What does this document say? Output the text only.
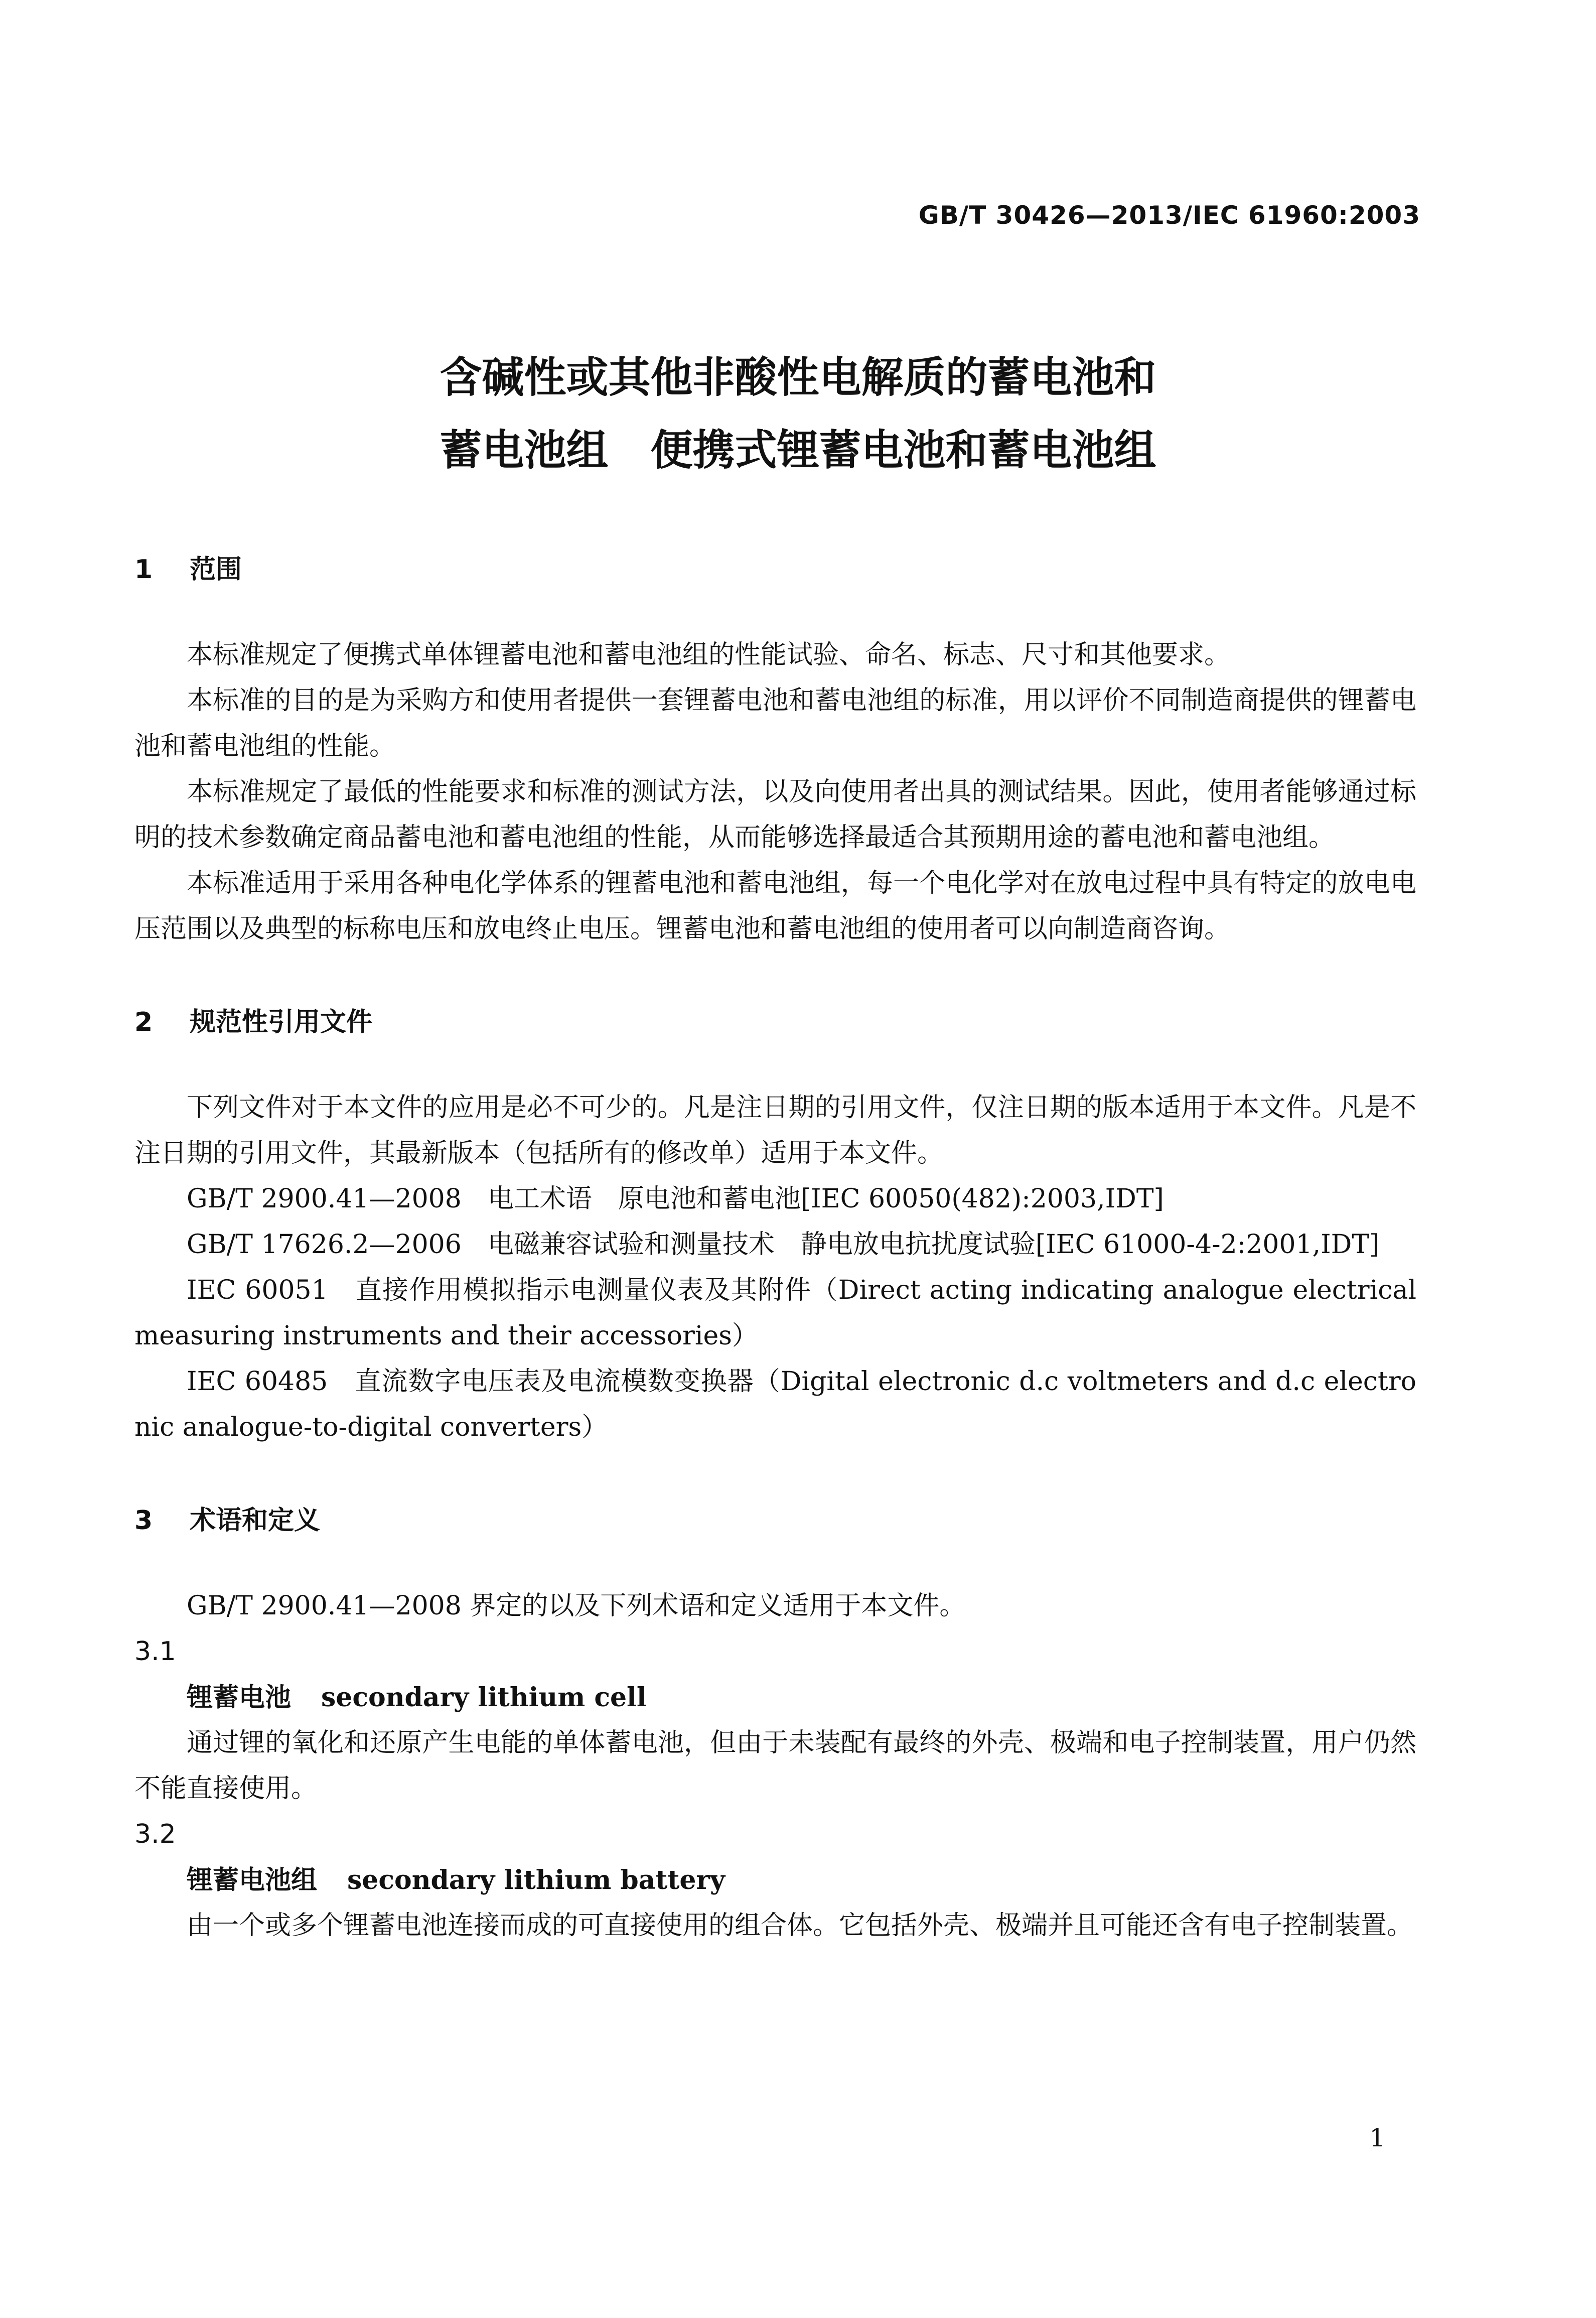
GB/T 30426—2013/IEC 61960:2003
含碱性或其他非酸性电解质的蓄电池和
蓄电池组　便携式锂蓄电池和蓄电池组
1 范围

本标准规定了便携式单体锂蓄电池和蓄电池组的性能试验、命名、标志、尺寸和其他要求。

本标准的目的是为采购方和使用者提供一套锂蓄电池和蓄电池组的标准，用以评价不同制造商提供的锂蓄电池和蓄电池组的性能。

本标准规定了最低的性能要求和标准的测试方法，以及向使用者出具的测试结果。因此，使用者能够通过标明的技术参数确定商品蓄电池和蓄电池组的性能，从而能够选择最适合其预期用途的蓄电池和蓄电池组。

本标准适用于采用各种电化学体系的锂蓄电池和蓄电池组，每一个电化学对在放电过程中具有特定的放电电压范围以及典型的标称电压和放电终止电压。锂蓄电池和蓄电池组的使用者可以向制造商咨询。

2 规范性引用文件

下列文件对于本文件的应用是必不可少的。凡是注日期的引用文件，仅注日期的版本适用于本文件。凡是不注日期的引用文件，其最新版本（包括所有的修改单）适用于本文件。

GB/T 2900.41—2008　电工术语　原电池和蓄电池[IEC 60050(482):2003,IDT]

GB/T 17626.2—2006　电磁兼容试验和测量技术　静电放电抗扰度试验[IEC 61000-4-2:2001,IDT]

IEC 60051　直接作用模拟指示电测量仪表及其附件（Direct acting indicating analogue electrical measuring instruments and their accessories）

IEC 60485　直流数字电压表及电流模数变换器（Digital electronic d.c voltmeters and d.c electronic analogue-to-digital converters）

3 术语和定义

GB/T 2900.41—2008 界定的以及下列术语和定义适用于本文件。

3.1
锂蓄电池 secondary lithium cell

通过锂的氧化和还原产生电能的单体蓄电池，但由于未装配有最终的外壳、极端和电子控制装置，用户仍然不能直接使用。

3.2
锂蓄电池组 secondary lithium battery

由一个或多个锂蓄电池连接而成的可直接使用的组合体。它包括外壳、极端并且可能还含有电子控制装置。

1
